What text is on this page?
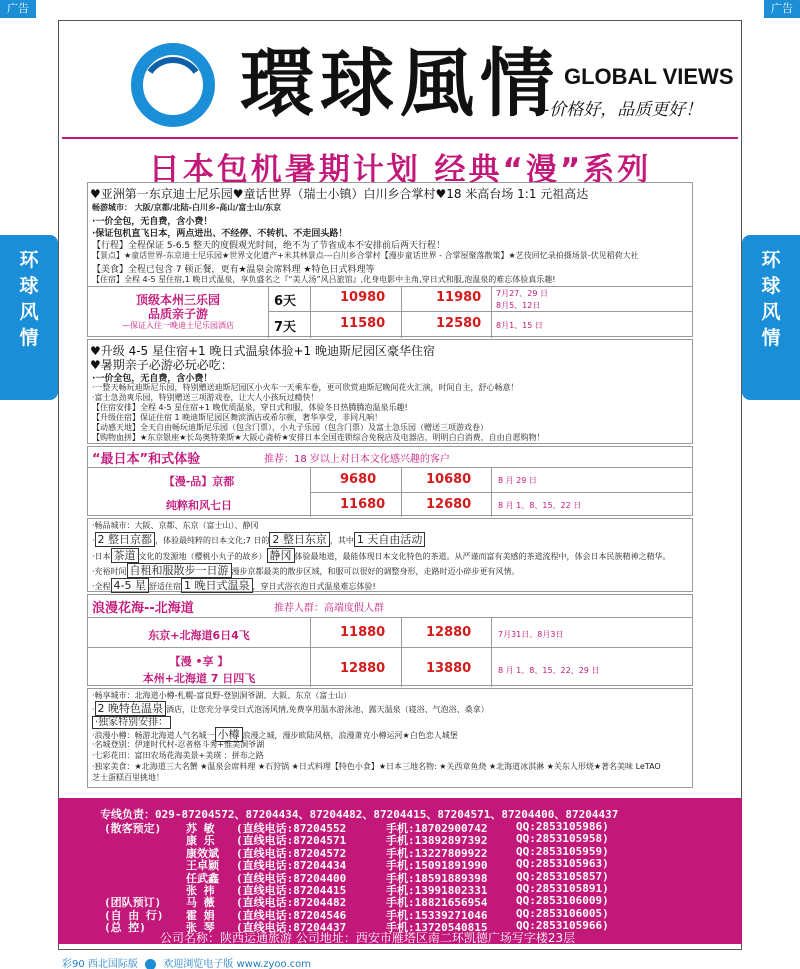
广告	广告
环
球
风
情
环
球
风
情
環球風情 GLOBAL VIEWS
---价格好，品质更好！
日本包机暑期计划 经典“漫”系列
♥亚洲第一东京迪士尼乐园♥童话世界（瑞士小镇）白川乡合掌村♥18 米高台场 1:1 元祖高达
畅游城市： 大阪/京都/北陆-白川乡-高山/富士山/东京
·一价全包，无自费，含小费！
·保证包机直飞日本，两点进出、不经停、不转机、不走回头路！
【行程】全程保证 5-6.5 整天的度假观光时间，绝不为了节省成本不安排前后两天行程！
【景点】★童话世界-东京迪士尼乐园★世界文化遗产+米其林景点---白川乡合掌村【漫步童话世界 - 合掌屋聚落散策】★艺伎回忆录拍摄场景-伏见稻荷大社
【美食】全程已包含 7 顿正餐，更有★温泉会席料理 ★特色日式料理等
【住宿】全程 4-5 星住宿,1 晚日式温泉，享负盛名之『“美人汤”风吕旅馆』,化身电影中主角,穿日式和服,泡温泉的难忘体验真乐趣!
顶级本州三乐园
品质亲子游
—保证入住一晚迪士尼乐园酒店
6天	10980	11980 7月27、29 日
8月5、12日
7天	11580	12580 8月1、15 日
♥升级 4-5 星住宿+1 晚日式温泉体验+1 晚迪斯尼园区豪华住宿
♥暑期亲子必游必玩必吃：
·一价全包，无自费，含小费！
·一整天畅玩迪斯尼乐园，特别赠送迪斯尼园区小火车一天乘车卷，更可欣赏迪斯尼晚间花火汇演，时间自主，舒心畅意！
·富士急劲爽乐园，特别赠送三项游戏卷，让大人小孩玩过瘾快！
【住宿安排】全程 4-5 星住宿+1 晚优质温泉，穿日式和服，体验冬日热腾腾泡温泉乐趣!
【升级住宿】保证住宿 1 晚迪斯尼园区舞滨酒店或希尔顿，奢华享受，非同凡响！
【动感天地】全天自由畅玩迪斯尼乐园（包含门票），小丸子乐园（包含门票）及富士急乐园（赠送三项游戏卷）
【购物血拼】★东京银座★长岛奥特莱斯★大阪心斋桥★安排日本全国连锁综合免税店及电器店，明明白白消费，自由自愿购物！
“最日本”和式体验	推荐：18 岁以上对日本文化感兴趣的客户
【漫-品】京都
纯粹和风七日
9680	10680	8 月 29 日
11680	12680	8 月 1、8、15、22 日
·畅品城市：大阪、京都、东京（富士山）、静冈
· 2 整日京都 ，体验最纯粹的日本文化;7 日的 2 整日东京 ，其中 1 天自由活动
·日本 茶道 文化的发源地（樱桃小丸子的故乡） 静冈 体验最地道，最能体现日本文化特色的茶道。从严谨而富有美感的茶道流程中，体会日本民族精神之精华。
·充裕时间 自租和服散步一日游 漫步京都最美的散步区域，和服可以很好的调整身形，走路时迈小碎步更有风情。
·全程 4-5 星 舒适住宿 1 晚日式温泉 ，穿日式浴衣泡日式温泉难忘体验!
浪漫花海--北海道	推荐人群：高端度假人群
东京+北海道6日4飞
【漫 •享 】
本州+北海道 7 日四飞
11880	12880	7月31日、8月3日
12880	13880	8 月 1、8、15、22、29 日
·畅享城市：北海道小樽-札幌-富良野-登别洞爷湖、大阪、东京（富士山）
· 2 晚特色温泉 酒店，让您充分享受日式泡汤风情,免费享用温水游泳池、露天温泉（寝浴、气泡浴、桑拿）
·独家特别安排：
·浪漫小樽：畅游北海道人气名城一 小樽 浪漫之城，漫步欧陆风格，浪漫萧克小樽运河★白色恋人城堡
·名城登别：伊達时代村-忍者格斗秀+惟美洞爷湖
·七彩花田：富田农场花海美景+美瑛 ：拼布之路
·独家美食：★北海道三大名蟹 ★温泉会席料理 ★石狩锅 ★日式料理【特色小食】★日本三地名物: ★关西章鱼烧 ★北海道冰淇淋 ★关东人形烧★著名美味 LeTAO
芝士蛋糕百里挑地！
专线负责：029-87204572、87204434、87204482、87204415、87204571、87204400、87204437
(散客预定) 苏 敏 (直线电话:87204552	手机:18702900742	QQ:2853105986)
康 乐 (直线电话:87204571	手机:13892897392	QQ:2853105958)
康效斌 (直线电话:87204572	手机:13227809922	QQ:2853105959)
王卓颖 (直线电话:87204434	手机:15091891990	QQ:2853105963)
任武鑫 (直线电话:87204400	手机:18591889398	QQ:2853105857)
张 祎 (直线电话:87204415	手机:13991802331	QQ:2853105891)
(团队预订) 马 薇 (直线电话:87204482	手机:18821656954	QQ:2853106009)
(自 由 行) 霍 娟 (直线电话:87204546	手机:15339271046	QQ:2853106005)
(总 控)	张 琴 (直线电话:87204437	手机:13720540815	QQ:2853105966)
公司名称：陕西运通旅游 公司地址：西安市雁塔区南二环凯德广场写字楼23层
彩90 西北国际版	欢迎浏览电子版 www.zyoo.com
